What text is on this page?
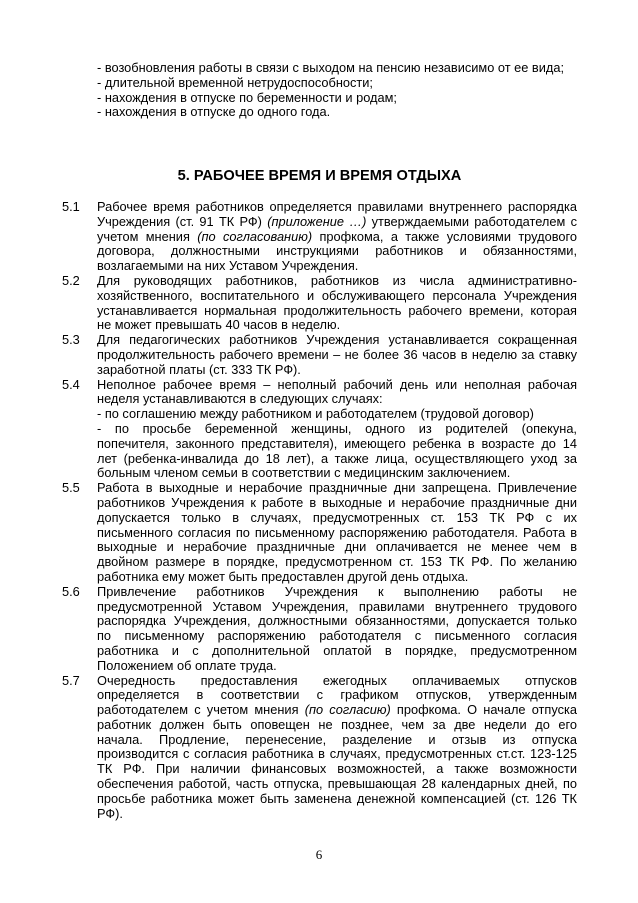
- возобновления работы в связи с выходом на пенсию независимо от ее вида;
- длительной временной нетрудоспособности;
- нахождения в отпуске по беременности и родам;
- нахождения в отпуске до одного года.
5. РАБОЧЕЕ ВРЕМЯ И ВРЕМЯ ОТДЫХА
5.1	Рабочее время работников определяется правилами внутреннего распорядка
Учреждения (ст. 91 ТК РФ) (приложение …) утверждаемыми работодателем с
учетом мнения (по согласованию) профкома, а также условиями трудового
договора, должностными инструкциями работников и обязанностями,
возлагаемыми на них Уставом Учреждения.
5.2	Для руководящих работников, работников из числа административно-
хозяйственного, воспитательного и обслуживающего персонала Учреждения
устанавливается нормальная продолжительность рабочего времени, которая
не может превышать 40 часов в неделю.
5.3	Для педагогических работников Учреждения устанавливается сокращенная
продолжительность рабочего времени – не более 36 часов в неделю за ставку
заработной платы (ст. 333 ТК РФ).
5.4	Неполное рабочее время – неполный рабочий день или неполная рабочая
неделя устанавливаются в следующих случаях:
- по соглашению между работником и работодателем (трудовой договор)
- по просьбе беременной женщины, одного из родителей (опекуна,
попечителя, законного представителя), имеющего ребенка в возрасте до 14
лет (ребенка-инвалида до 18 лет), а также лица, осуществляющего уход за
больным членом семьи в соответствии с медицинским заключением.
5.5	Работа в выходные и нерабочие праздничные дни запрещена. Привлечение
работников Учреждения к работе в выходные и нерабочие праздничные дни
допускается только в случаях, предусмотренных ст. 153 ТК РФ с их
письменного согласия по письменному распоряжению работодателя. Работа в
выходные и нерабочие праздничные дни оплачивается не менее чем в
двойном размере в порядке, предусмотренном ст. 153 ТК РФ. По желанию
работника ему может быть предоставлен другой день отдыха.
5.6	Привлечение работников Учреждения к выполнению работы не
предусмотренной Уставом Учреждения, правилами внутреннего трудового
распорядка Учреждения, должностными обязанностями, допускается только
по письменному распоряжению работодателя с письменного согласия
работника и с дополнительной оплатой в порядке, предусмотренном
Положением об оплате труда.
5.7	Очередность предоставления ежегодных оплачиваемых отпусков
определяется в соответствии с графиком отпусков, утвержденным
работодателем с учетом мнения (по согласию) профкома. О начале отпуска
работник должен быть оповещен не позднее, чем за две недели до его
начала. Продление, перенесение, разделение и отзыв из отпуска
производится с согласия работника в случаях, предусмотренных ст.ст. 123-125
ТК РФ. При наличии финансовых возможностей, а также возможности
обеспечения работой, часть отпуска, превышающая 28 календарных дней, по
просьбе работника может быть заменена денежной компенсацией (ст. 126 ТК
РФ).
6
